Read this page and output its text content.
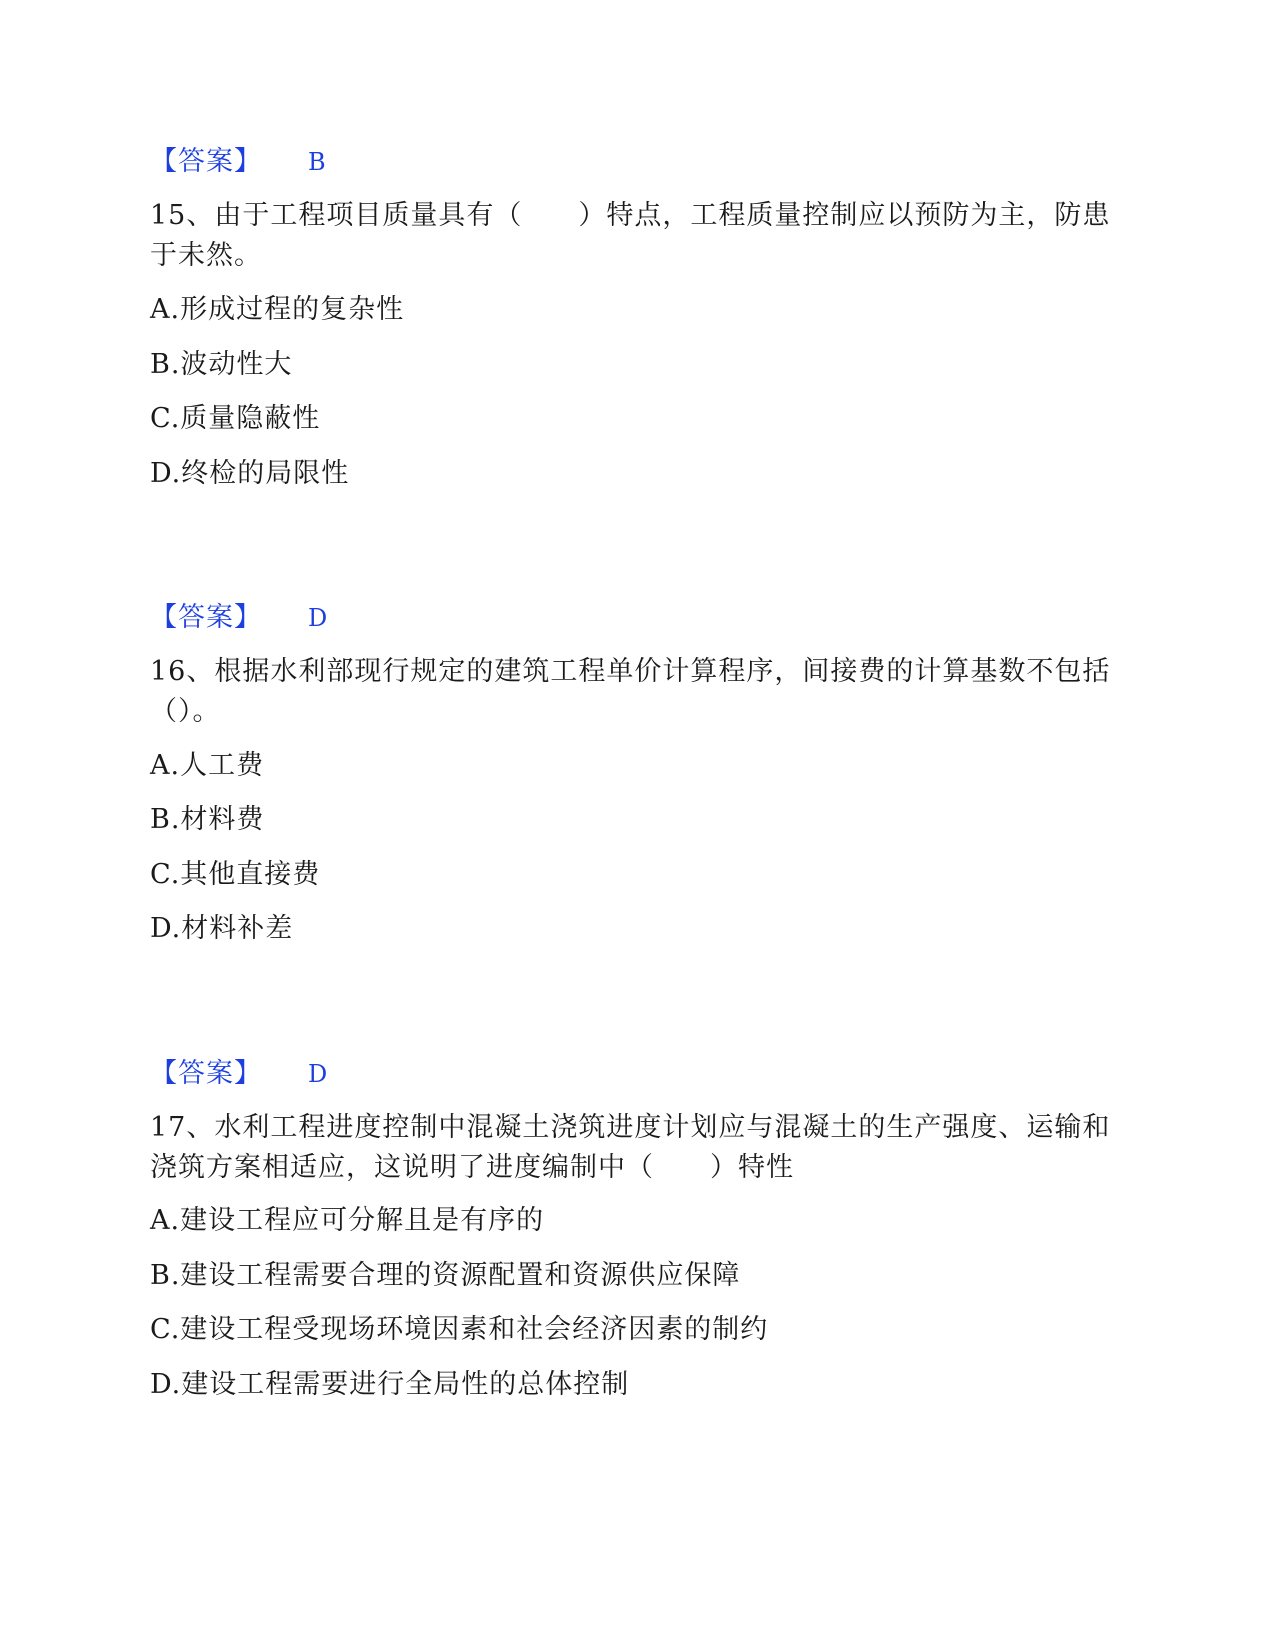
【答案】 B
15、由于工程项目质量具有（　　）特点，工程质量控制应以预防为主，防患于未然。
A.形成过程的复杂性
B.波动性大
C.质量隐蔽性
D.终检的局限性
【答案】 D
16、根据水利部现行规定的建筑工程单价计算程序，间接费的计算基数不包括（）。
A.人工费
B.材料费
C.其他直接费
D.材料补差
【答案】 D
17、水利工程进度控制中混凝土浇筑进度计划应与混凝土的生产强度、运输和浇筑方案相适应，这说明了进度编制中（　　）特性
A.建设工程应可分解且是有序的
B.建设工程需要合理的资源配置和资源供应保障
C.建设工程受现场环境因素和社会经济因素的制约
D.建设工程需要进行全局性的总体控制
